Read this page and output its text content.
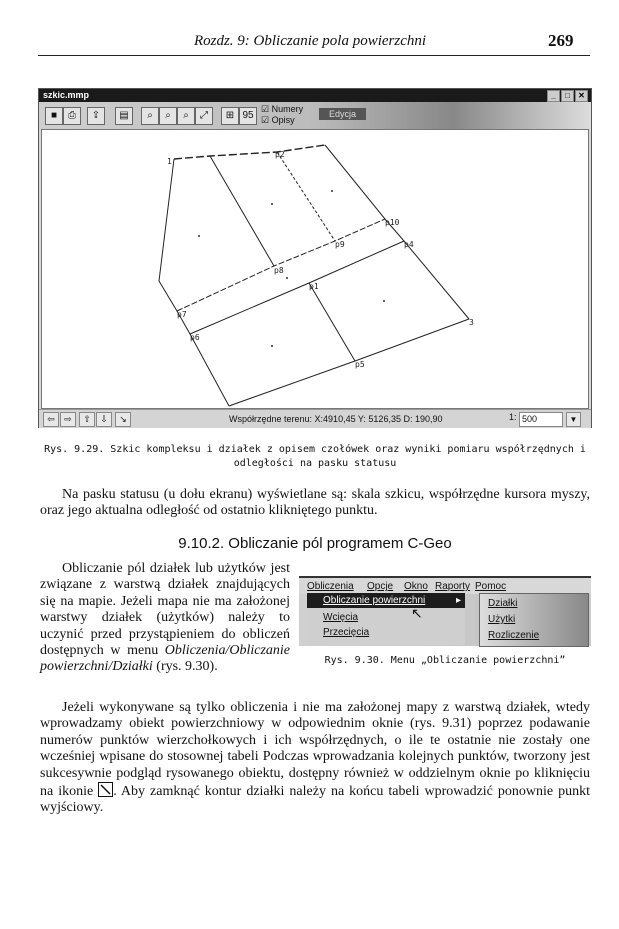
Rozdz. 9: Obliczanie pola powierzchni	269
szkic.mmp	_	□	✕
■	⎙	⇪	▤	⌕	⌕	⌕	⤢	⊞ 95
☑ Numery
☑ Opisy
Edycja
1
p2
p10
p4
3
p5
p6
p7
p8
p9
p1
⇦	⇨	⇧	⇩	↘	Współrzędne terenu: X:4910,45 Y: 5126,35 D: 190,90	1: 500	▼
Rys. 9.29. Szkic kompleksu i działek z opisem czołówek oraz wyniki pomiaru współrzędnych i odległości na pasku statusu
Na pasku statusu (u dołu ekranu) wyświetlane są: skala szkicu, współrzędne kursora myszy, oraz jego aktualna odległość od ostatnio klikniętego punktu.
9.10.2. Obliczanie pól programem C-Geo
Obliczanie pól działek lub użytków jest związane z warstwą działek znajdujących się na mapie. Jeżeli mapa nie ma założonej warstwy działek (użytków) należy to uczynić przed przystąpieniem do obliczeń dostępnych w menu Obliczenia/Obliczanie powierzchni/Działki (rys. 9.30).
Obliczenia Opcje Okno Raporty Pomoc
Obliczanie powierzchni	▸
Wcięcia
Przecięcia
↖
Działki
Użytki
Rozliczenie
Rys. 9.30. Menu „Obliczanie powierzchni”
Jeżeli wykonywane są tylko obliczenia i nie ma założonej mapy z warstwą działek, wtedy wprowadzamy obiekt powierzchniowy w odpowiednim oknie (rys. 9.31) poprzez podawanie numerów punktów wierzchołkowych i ich współrzędnych, o ile te ostatnie nie zostały one wcześniej wpisane do stosownej tabeli Podczas wprowadzania kolejnych punktów, tworzony jest sukcesywnie podgląd rysowanego obiektu, dostępny również w oddzielnym oknie po kliknięciu na ikonie
. Aby zamknąć kontur działki należy na końcu tabeli wprowadzić ponownie punkt wyjściowy.
